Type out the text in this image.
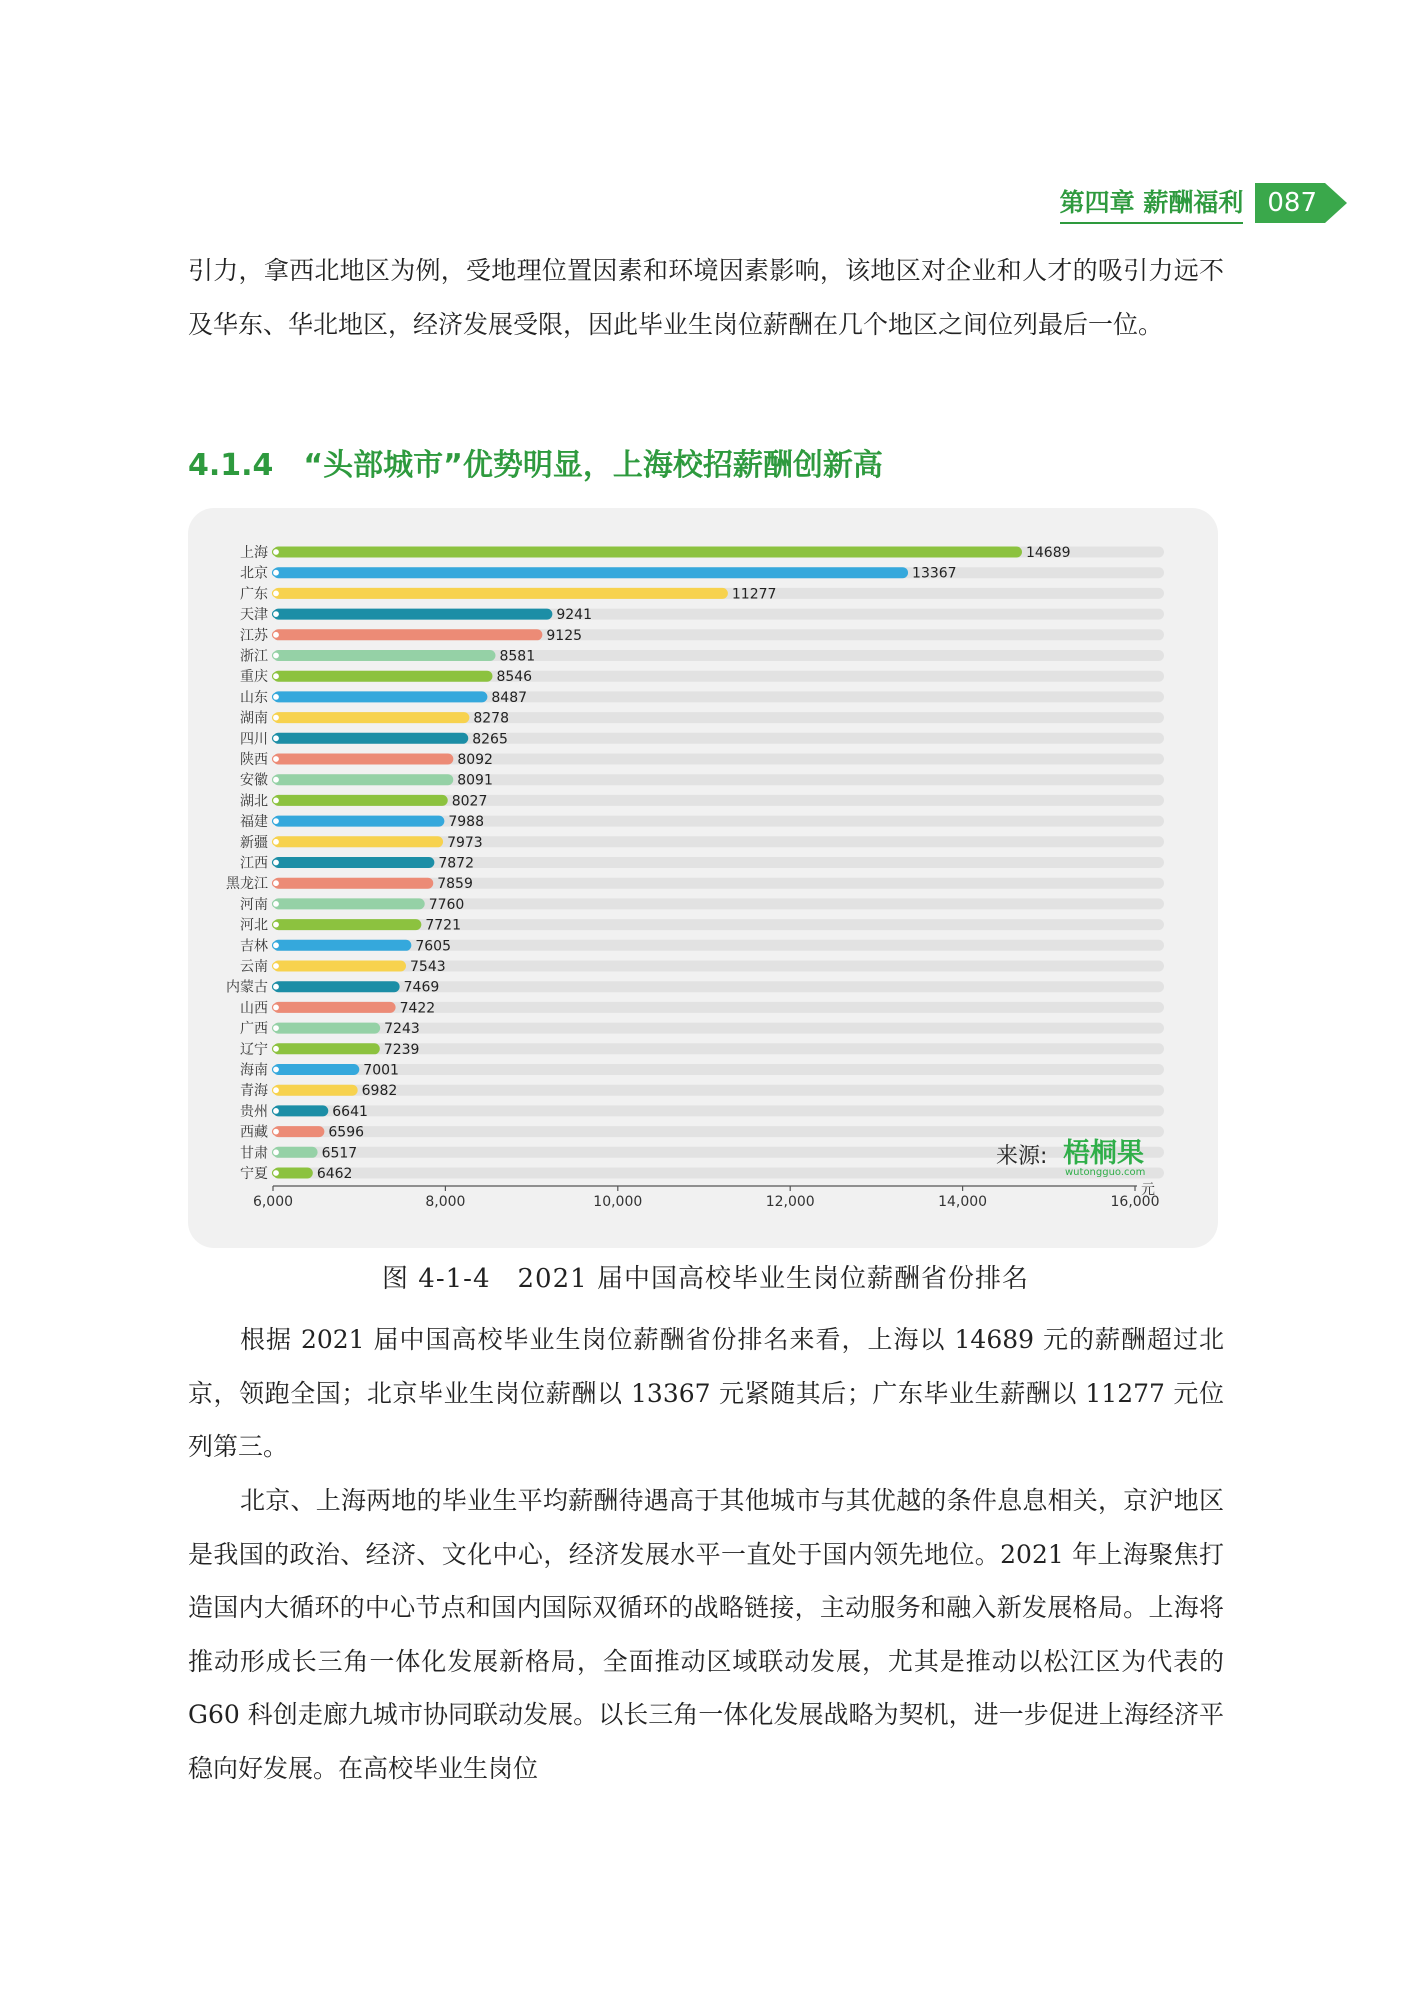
第四章 薪酬福利 087

引力，拿西北地区为例，受地理位置因素和环境因素影响，该地区对企业和人才的吸引力远不及华东、华北地区，经济发展受限，因此毕业生岗位薪酬在几个地区之间位列最后一位。

4.1.4　“头部城市”优势明显，上海校招薪酬创新高
上海	14689
北京	13367
广东	11277
天津	9241
江苏	9125
浙江	8581
重庆	8546
山东	8487
湖南	8278
四川	8265
陕西	8092
安徽	8091
湖北	8027
福建	7988
新疆	7973
江西	7872
黑龙江	7859
河南	7760
河北	7721
吉林	7605
云南	7543
内蒙古	7469
山西	7422
广西	7243
辽宁	7239
海南	7001
青海	6982
贵州	6641
西藏	6596
甘肃	6517
宁夏	6462
6,000	8,000	10,000	12,000	14,000	16,000
元
来源: 梧桐果
wutongguo.com

图 4-1-4　2021 届中国高校毕业生岗位薪酬省份排名

根据 2021 届中国高校毕业生岗位薪酬省份排名来看，上海以 14689 元的薪酬超过北京，领跑全国；北京毕业生岗位薪酬以 13367 元紧随其后；广东毕业生薪酬以 11277 元位列第三。

北京、上海两地的毕业生平均薪酬待遇高于其他城市与其优越的条件息息相关，京沪地区是我国的政治、经济、文化中心，经济发展水平一直处于国内领先地位。2021 年上海聚焦打造国内大循环的中心节点和国内国际双循环的战略链接，主动服务和融入新发展格局。上海将推动形成长三角一体化发展新格局，全面推动区域联动发展，尤其是推动以松江区为代表的 G60 科创走廊九城市协同联动发展。以长三角一体化发展战略为契机，进一步促进上海经济平稳向好发展。在高校毕业生岗位
